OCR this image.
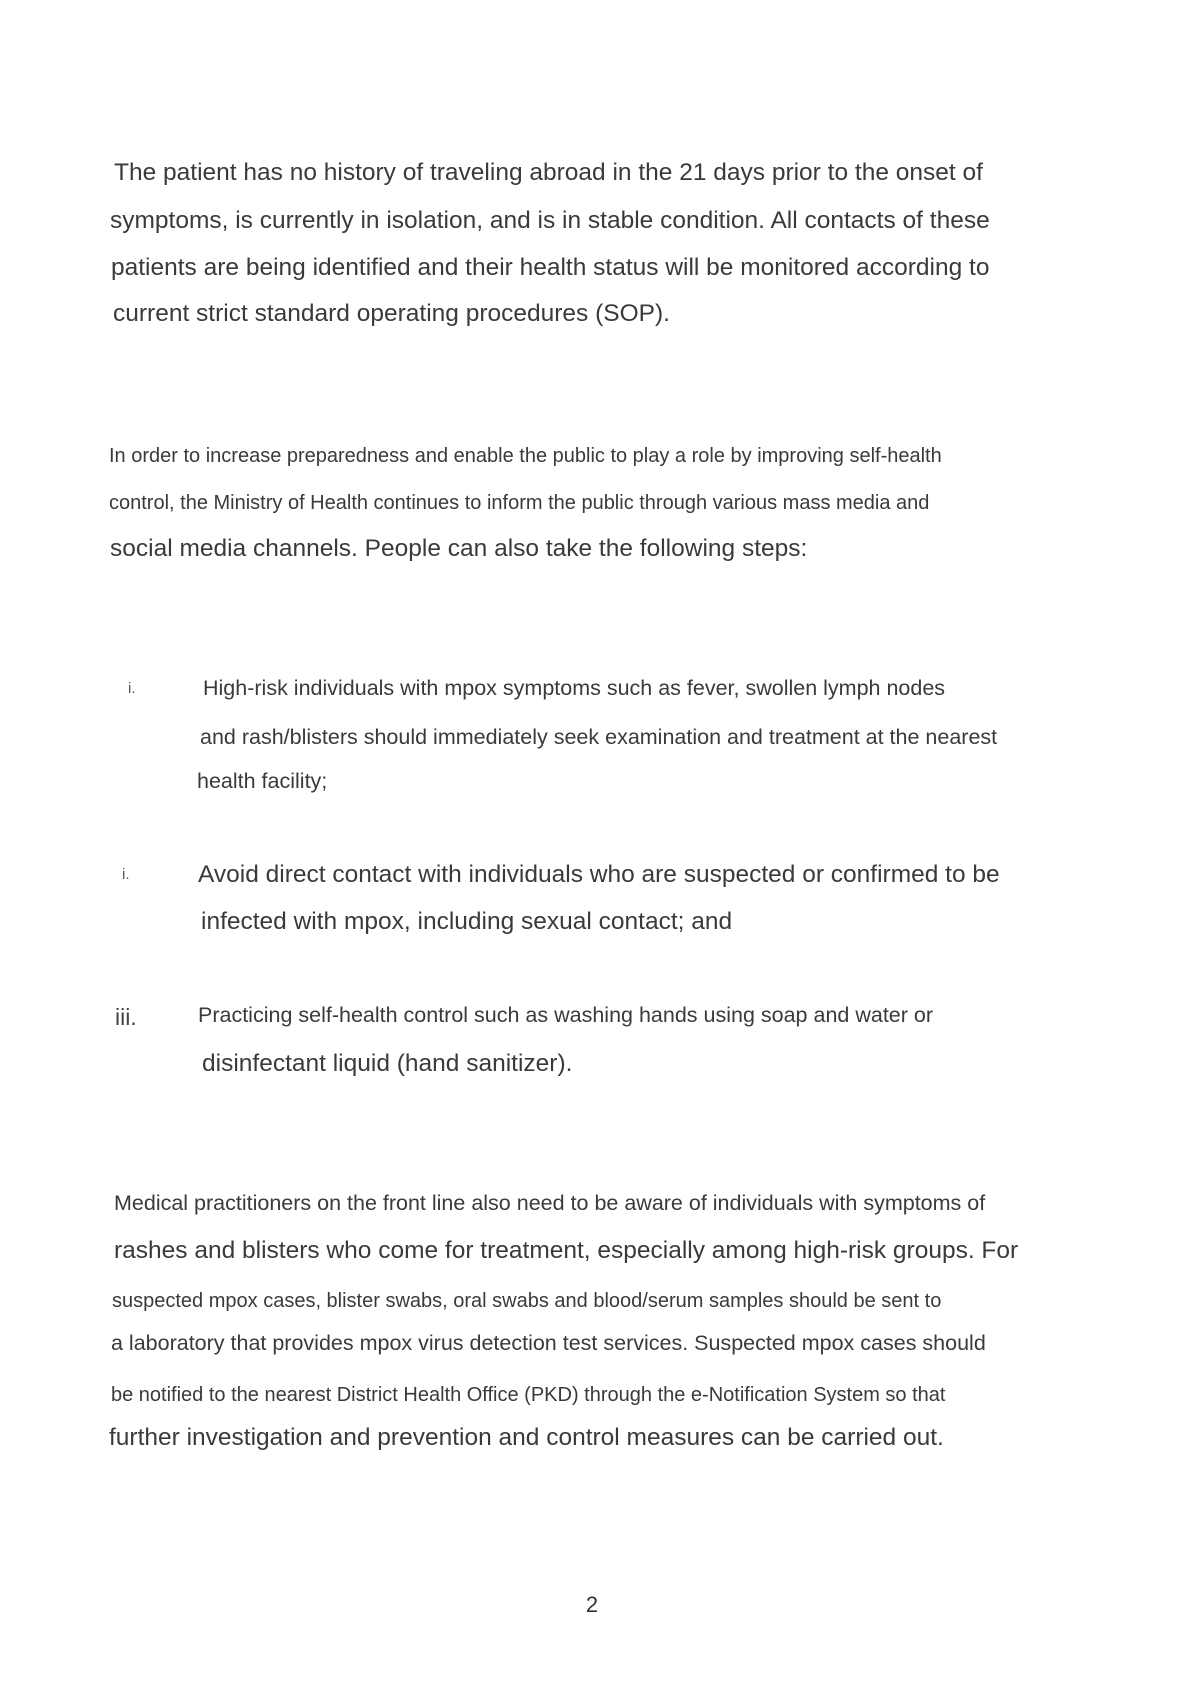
The patient has no history of traveling abroad in the 21 days prior to the onset of

symptoms, is currently in isolation, and is in stable condition. All contacts of these

patients are being identified and their health status will be monitored according to

current strict standard operating procedures (SOP).

In order to increase preparedness and enable the public to play a role by improving self-health

control, the Ministry of Health continues to inform the public through various mass media and

social media channels. People can also take the following steps:

i.	High-risk individuals with mpox symptoms such as fever, swollen lymph nodes

and rash/blisters should immediately seek examination and treatment at the nearest

health facility;

i.	Avoid direct contact with individuals who are suspected or confirmed to be

infected with mpox, including sexual contact; and

iii.	Practicing self-health control such as washing hands using soap and water or

disinfectant liquid (hand sanitizer).

Medical practitioners on the front line also need to be aware of individuals with symptoms of

rashes and blisters who come for treatment, especially among high-risk groups. For

suspected mpox cases, blister swabs, oral swabs and blood/serum samples should be sent to

a laboratory that provides mpox virus detection test services. Suspected mpox cases should

be notified to the nearest District Health Office (PKD) through the e-Notification System so that

further investigation and prevention and control measures can be carried out.

2
